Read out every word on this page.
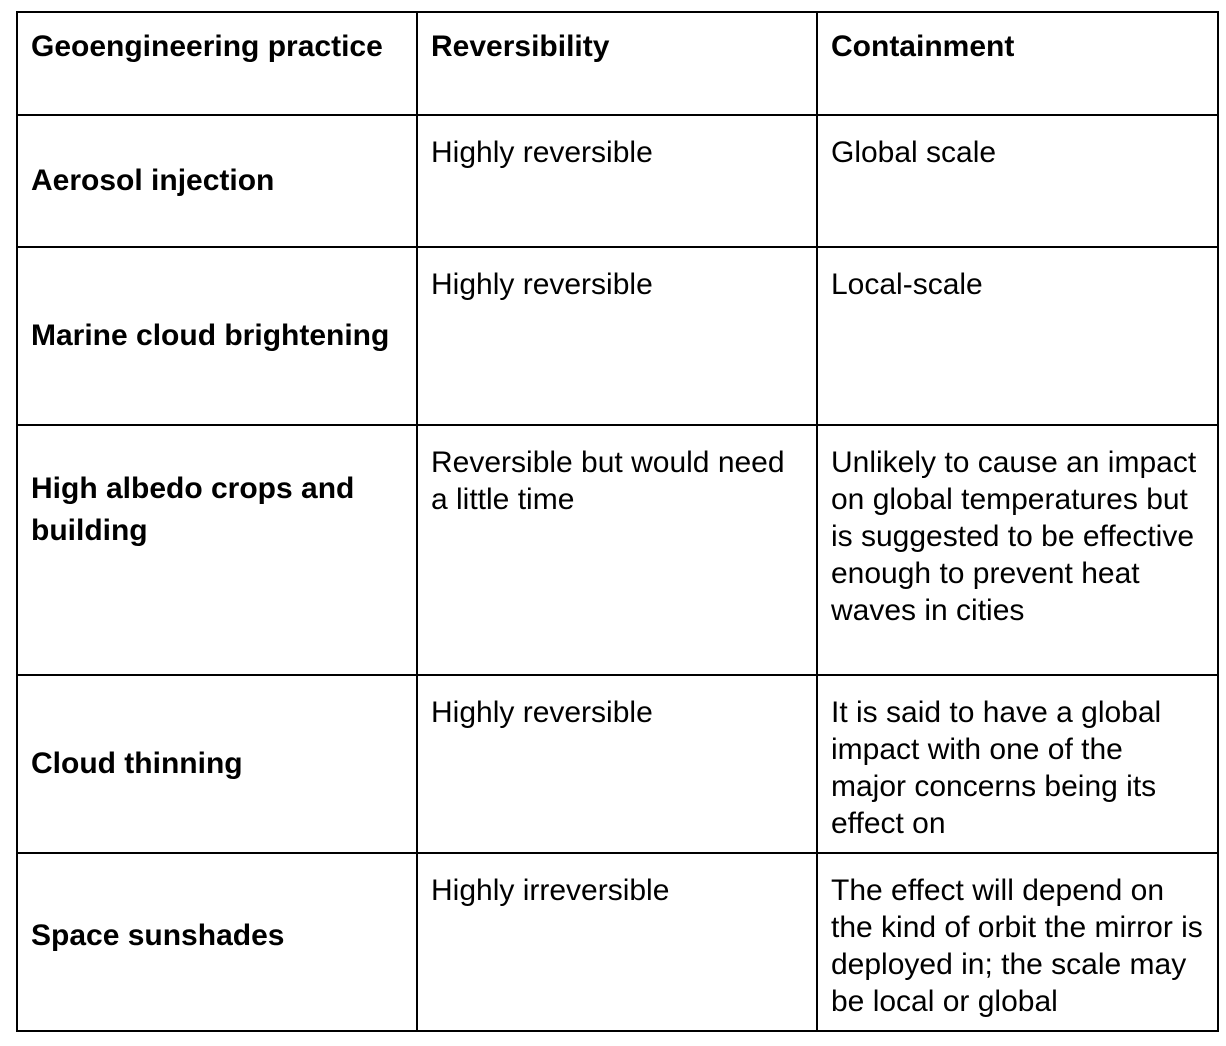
Geoengineering practice	Reversibility	Containment
Aerosol injection	Highly reversible	Global scale
Marine cloud brightening	Highly reversible	Local-scale
High albedo crops and building	Reversible but would need a little time	Unlikely to cause an impact on global temperatures but is suggested to be effective enough to prevent heat waves in cities
Cloud thinning	Highly reversible	It is said to have a global impact with one of the major concerns being its effect on
Space sunshades	Highly irreversible	The effect will depend on the kind of orbit the mirror is deployed in; the scale may be local or global
